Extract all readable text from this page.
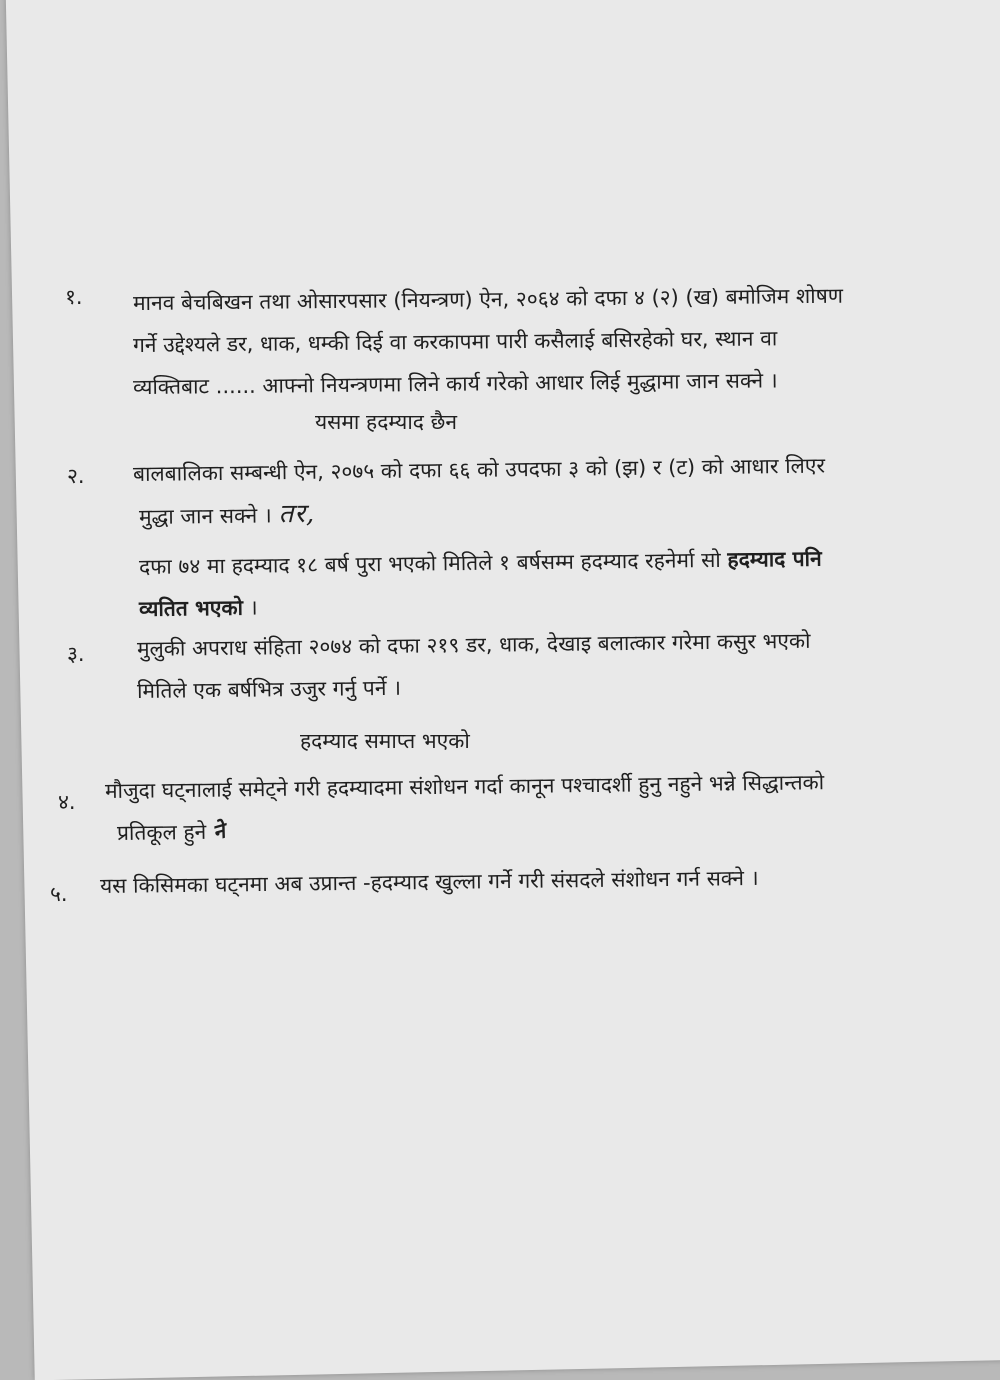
१. मानव बेचबिखन तथा ओसारपसार (नियन्त्रण) ऐन, २०६४ को दफा ४ (२) (ख) बमोजिम शोषण
गर्ने उद्देश्यले डर, धाक, धम्की दिई वा करकापमा पारी कसैलाई बसिरहेको घर, स्थान वा
व्यक्तिबाट ...... आफ्नो नियन्त्रणमा लिने कार्य गरेको आधार लिई मुद्धामा जान सक्ने ।
यसमा हदम्याद छैन
२. बालबालिका सम्बन्धी ऐन, २०७५ को दफा ६६ को उपदफा ३ को (झ) र (ट) को आधार लिएर
मुद्धा जान सक्ने । तर,
दफा ७४ मा हदम्याद १८ बर्ष पुरा भएको मितिले १ बर्षसम्म हदम्याद रहनेर्मा सो हदम्याद पनि
व्यतित भएको ।
३. मुलुकी अपराध संहिता २०७४ को दफा २१९ डर, धाक, देखाइ बलात्कार गरेमा कसुर भएको
मितिले एक बर्षभित्र उजुर गर्नु पर्ने ।
हदम्याद समाप्त भएको
४. मौजुदा घट्नालाई समेट्ने गरी हदम्यादमा संशोधन गर्दा कानून पश्चादर्शी हुनु नहुने भन्ने सिद्धान्तको
प्रतिकूल हुने ने
५. यस किसिमका घट्नमा अब उप्रान्त -हदम्याद खुल्ला गर्ने गरी संसदले संशोधन गर्न सक्ने ।
